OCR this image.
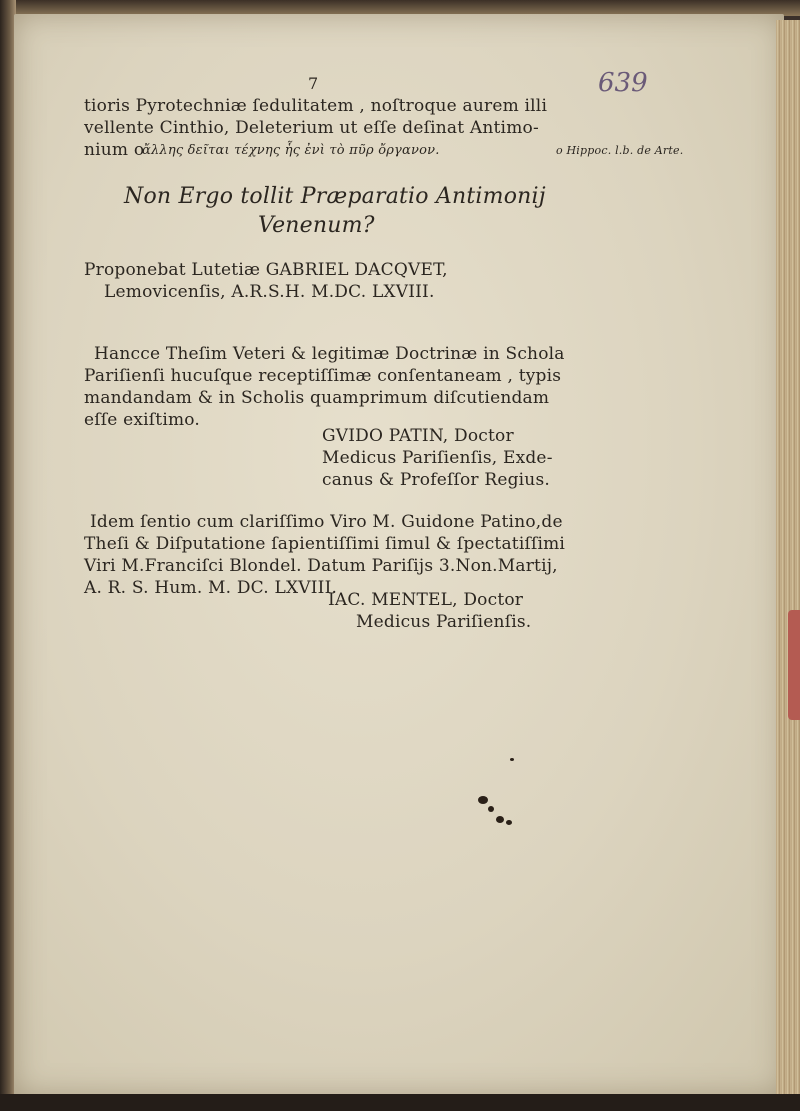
7	639
tioris Pyrotechniæ ſedulitatem , noſtroque aurem illi
vellente Cinthio, Deleterium ut eſſe deſinat Antimo-
nium o
ἄλλης δεῖται τέχνης ἧς ἐνὶ τὸ πῦρ ὄργανον.	o Hippoc. l.b. de Arte.
Non Ergo tollit Præparatio Antimonij
Venenum?
Proponebat Lutetiæ GABRIEL DACQVET,
Lemovicenſis, A.R.S.H. M.DC. LXVIII.
Hancce Theſim Veteri & legitimæ Doctrinæ in Schola
Pariſienſi hucuſque receptiſſimæ conſentaneam , typis
mandandam & in Scholis quamprimum diſcutiendam
eſſe exiſtimo.
GVIDO PATIN, Doctor
Medicus Pariſienſis, Exde-
canus & Profeſſor Regius.
Idem ſentio cum clariſſimo Viro M. Guidone Patino,de
Theſi & Diſputatione ſapientiſſimi ſimul & ſpectatiſſimi
Viri M.Franciſci Blondel. Datum Pariſijs 3.Non.Martij,
A. R. S. Hum. M. DC. LXVIII.
IAC. MENTEL, Doctor
Medicus Pariſienſis.
